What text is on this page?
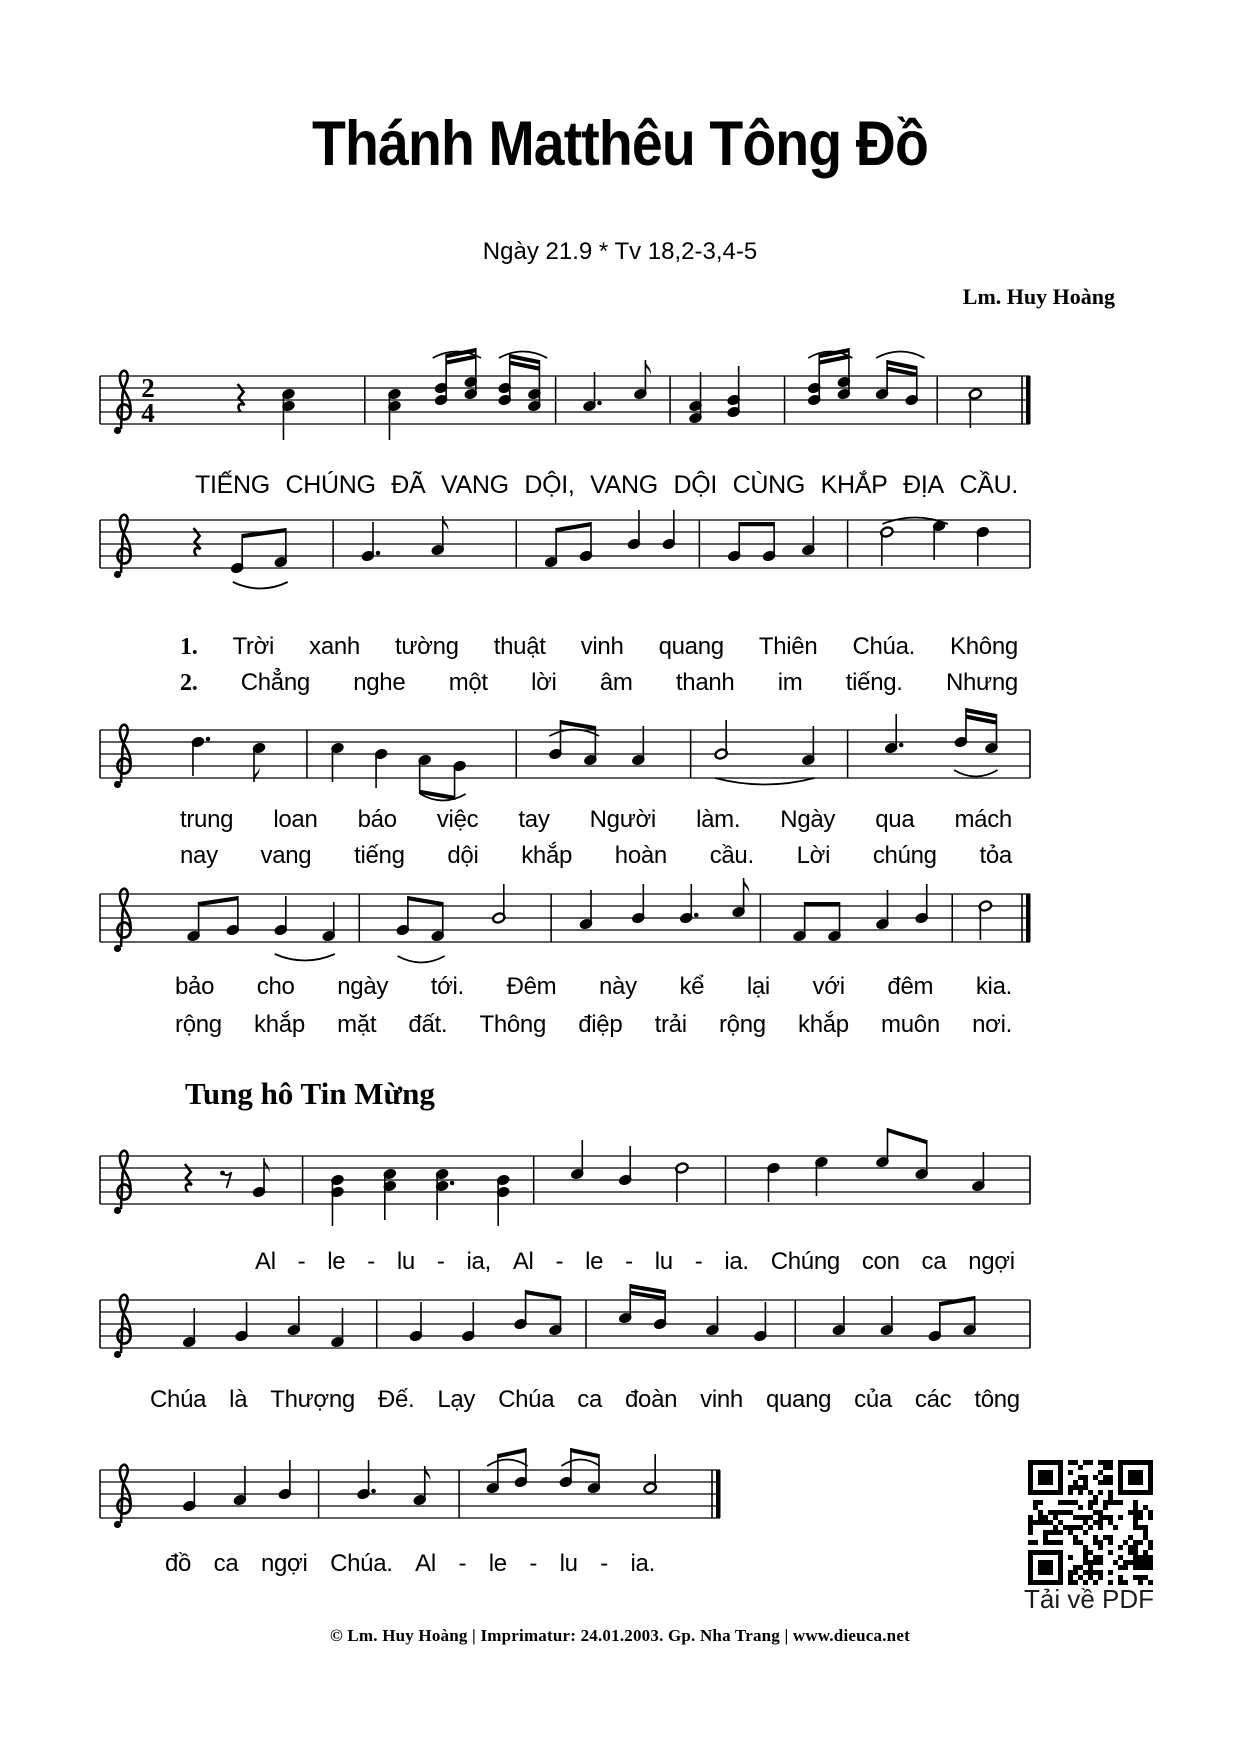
Thánh Matthêu Tông Đồ
Ngày 21.9 * Tv 18,2-3,4-5
Lm. Huy Hoàng
2
4
TIẾNG CHÚNG ĐÃ VANG DỘI, VANG DỘI CÙNG KHẮP ĐỊA CẦU.
1. Trời xanh tường thuật vinh quang Thiên Chúa. Không
2. Chẳng nghe một lời âm thanh im tiếng. Nhưng
trung loan báo việc tay Người làm. Ngày qua mách
nay vang tiếng dội khắp hoàn cầu. Lời chúng tỏa
bảo cho ngày tới. Đêm này kể lại với đêm kia.
rộng khắp mặt đất. Thông điệp trải rộng khắp muôn nơi.
Al - le - lu - ia, Al - le - lu - ia. Chúng con ca ngợi
Chúa là Thượng Đế. Lạy Chúa ca đoàn vinh quang của các tông
đồ ca ngợi Chúa. Al - le - lu - ia.
Tung hô Tin Mừng
Tải về PDF
© Lm. Huy Hoàng | Imprimatur: 24.01.2003. Gp. Nha Trang | www.dieuca.net
